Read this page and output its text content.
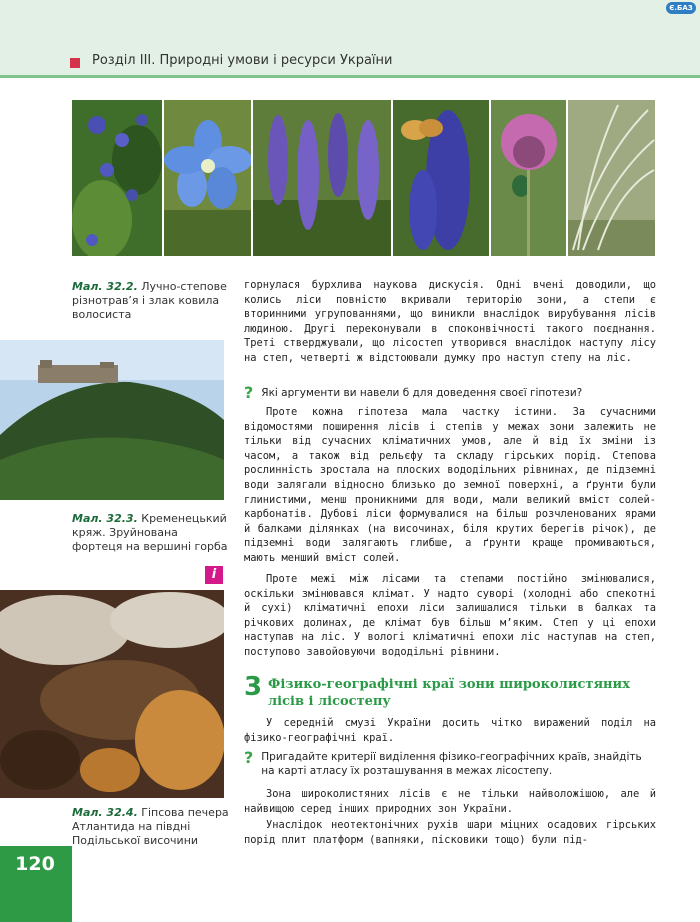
Є.БАЗ
Розділ ІІІ. Природні умови і ресурси України
Мал. 32.2. Лучно-степове різнотрав’я і злак ковила волосиста
Мал. 32.3. Кременецький кряж. Зруйнована фортеця на вершині горба
i
Мал. 32.4. Гіпсова печера Атлантида на півдні Подільської височини
горнулася бурхлива наукова дискусія. Одні вчені доводили, що колись ліси повністю вкривали територію зони, а степи є вторинними угрупованнями, що виникли внаслідок вирубування лісів людиною. Другі переконували в споконвічності такого поєднання. Треті стверджували, що лісостеп утворився внаслідок наступу лісу на степ, четверті ж відстоювали думку про наступ степу на ліс.
? Які аргументи ви навели б для доведення своєї гіпотези?
Проте кожна гіпотеза мала частку істини. За сучасними відомостями поширення лісів і степів у межах зони залежить не тільки від сучасних кліматичних умов, але й від їх зміни із часом, а також від рельєфу та складу гірських порід. Степова рослинність зростала на плоских вододільних рівнинах, де підземні води залягали відносно близько до земної поверхні, а ґрунти були глинистими, менш проникними для води, мали великий вміст солей-карбонатів. Дубові ліси формувалися на більш розчленованих ярами й балками ділянках (на височинах, біля крутих берегів річок), де підземні води залягають глибше, а ґрунти краще промиваються, мають менший вміст солей.
Проте межі між лісами та степами постійно змінювалися, оскільки змінювався клімат. У надто суворі (холодні або спекотні й сухі) кліматичні епохи ліси залишалися тільки в балках та річкових долинах, де клімат був більш м’яким. Степ у ці епохи наступав на ліс. У вологі кліматичні епохи ліс наступав на степ, поступово завойовуючи вододільні рівнини.
3 Фізико-географічні краї зони широколистяних лісів і лісостепу
У середній смузі України досить чітко виражений поділ на фізико-географічні краї.
? Пригадайте критерії виділення фізико-географічних країв, знайдіть на карті атласу їх розташування в межах лісостепу.
Зона широколистяних лісів є не тільки найволожішою, але й найвищою серед інших природних зон України.
Унаслідок неотектонічних рухів шари міцних осадових гірських порід плит платформ (вапняки, пісковики тощо) були під-
120
